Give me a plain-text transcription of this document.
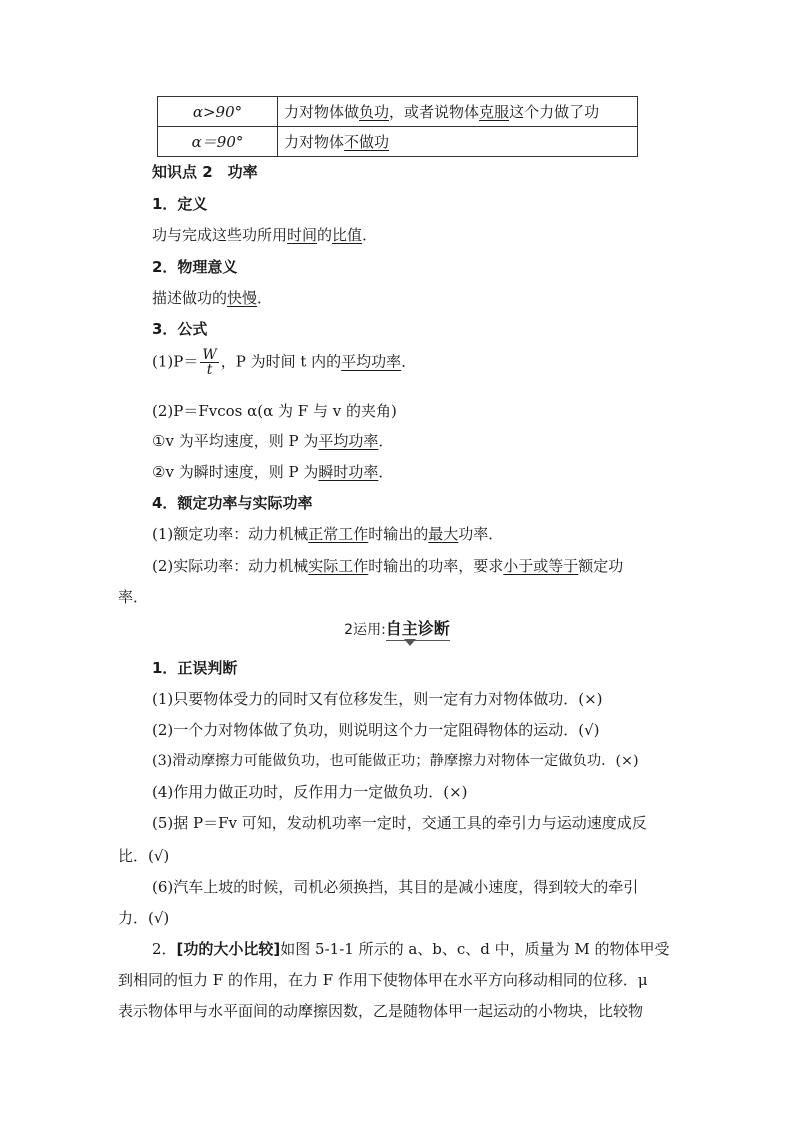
α>90°	力对物体做负功，或者说物体克服这个力做了功
α＝90°	力对物体不做功
知识点 2　功率
1．定义
功与完成这些功所用时间的比值．
2．物理意义
描述做功的快慢．
3．公式
$(1)P= \frac{W}{t}$ ，P 为时间 t 内的平均功率．
(2)P＝Fvcos α(α 为 F 与 v 的夹角)
①v 为平均速度，则 P 为平均功率．
②v 为瞬时速度，则 P 为瞬时功率．
4．额定功率与实际功率
(1)额定功率：动力机械正常工作时输出的最大功率．
(2)实际功率：动力机械实际工作时输出的功率，要求小于或等于额定功
率．
2运用:自主诊断
1．正误判断
(1)只要物体受力的同时又有位移发生，则一定有力对物体做功．(×)
(2)一个力对物体做了负功，则说明这个力一定阻碍物体的运动．(√)
(3)滑动摩擦力可能做负功，也可能做正功；静摩擦力对物体一定做负功．(×)
(4)作用力做正功时，反作用力一定做负功．(×)
(5)据 P＝Fv 可知，发动机功率一定时，交通工具的牵引力与运动速度成反
比．(√)
(6)汽车上坡的时候，司机必须换挡，其目的是减小速度，得到较大的牵引
力．(√)
2．[功的大小比较]如图 5-1-1 所示的 a、b、c、d 中，质量为 M 的物体甲受
到相同的恒力 F 的作用，在力 F 作用下使物体甲在水平方向移动相同的位移．μ
表示物体甲与水平面间的动摩擦因数，乙是随物体甲一起运动的小物块，比较物
